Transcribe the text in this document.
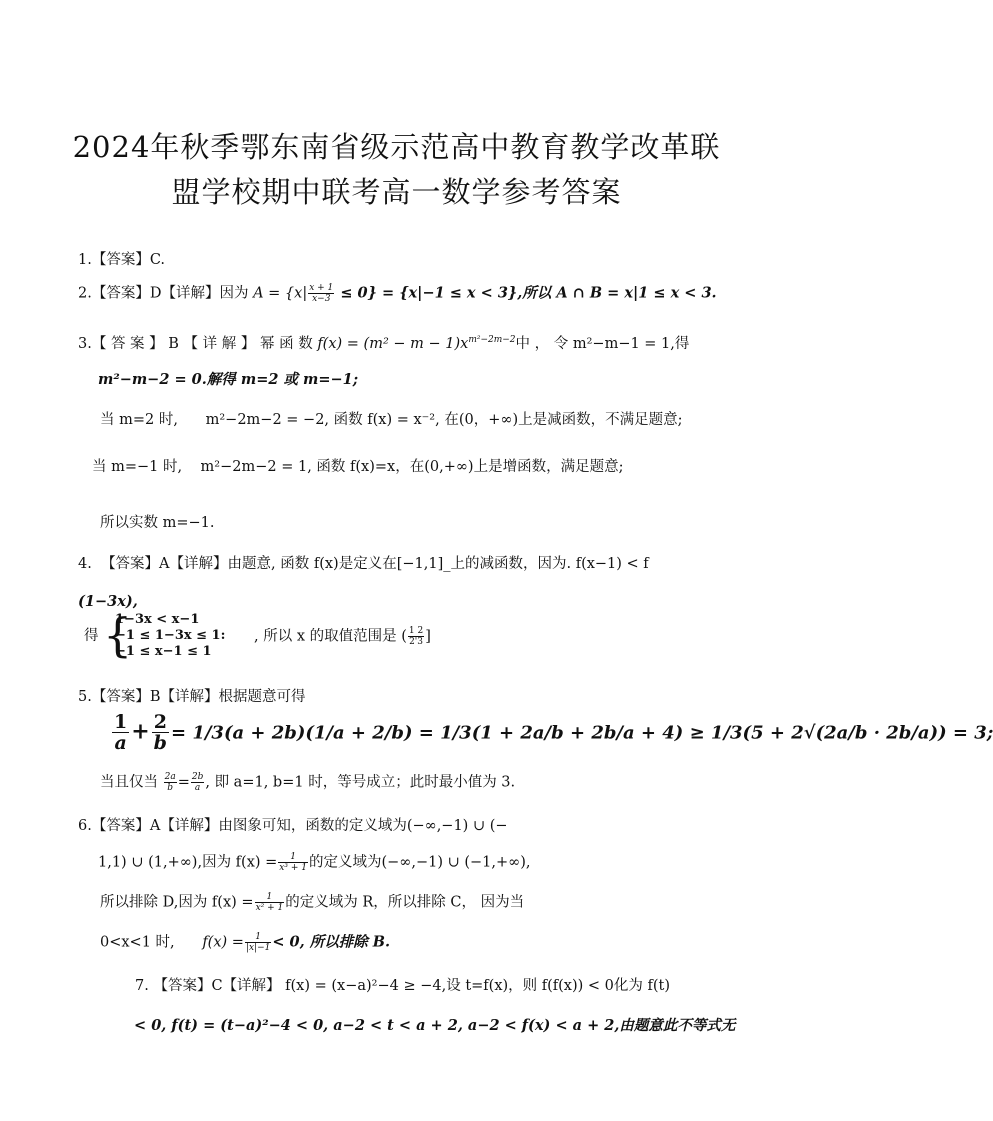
2024年秋季鄂东南省级示范高中教育教学改革联
盟学校期中联考高一数学参考答案
1.【答案】C.
2.【答案】D【详解】因为 $A = \{x| \frac{x + 1}{x-3} \le 0\} = \{x|-1 \le x < 3\}$,所以 A ∩ B = x|1 ≤ x < 3.
3.【 答 案 】 B 【 详 解 】 幂 函 数 $f(x) = (m^2 - m - 1)x^{m^2-2m-2}$中 ， 令 m²−m−1 = 1,得
m²−m−2 = 0.解得 m=2 或 m=−1;
当 m=2 时, m²−2m−2 = −2, 函数 f(x) = x⁻², 在(0，+∞)上是减函数，不满足题意;
当 m=−1 时, m²−2m−2 = 1, 函数 f(x)=x，在(0,+∞)上是增函数，满足题意;
所以实数 m=−1.
4. 【答案】A【详解】由题意, 函数 f(x)是定义在[−1,1]_上的减函数，因为. f(x−1) < f
(1−3x),
得 {
1−3x < x−1
−1 ≤ 1−3x ≤ 1:
−1 ≤ x−1 ≤ 1
, 所以 x 的取值范围是 ( $\frac{1 2}{2'3}$ ]
5.【答案】B【详解】根据题意可得
$\frac{1}{a} + \frac{2}{b} = 1/3(a + 2b)(1/a + 2/b) = 1/3(1 + 2a/b + 2b/a + 4) \ge 1/3(5 + 2√(2a/b \cdot 2b/a)) = 3$;
当且仅当 $\frac{2a}{b} = \frac{2b}{a}$ , 即 a=1, b=1 时，等号成立；此时最小值为 3.
6.【答案】A【详解】由图象可知，函数的定义域为(−∞,−1) ∪ (−
1,1) ∪ (1,+∞),因为 $f(x) = \frac{1}{\text{x³ + 1}}$ 的定义域为(−∞,−1) ∪ (−1,+∞),
所以排除 D,因为 $f(x) = \frac{1}{\text{x² + 1}}$ 的定义域为 R，所以排除 C， 因为当
0<x<1 时, $f(x) = \frac{1}{|x|-1} < 0$, 所以排除 B.
7. 【答案】C【详解】 f(x) = (x−a)²−4 ≥ −4,设 t=f(x)，则 f(f(x)) < 0化为 f(t)
< 0, f(t) = (t−a)²−4 < 0, a−2 < t < a + 2, a−2 < f(x) < a + 2,由题意此不等式无
